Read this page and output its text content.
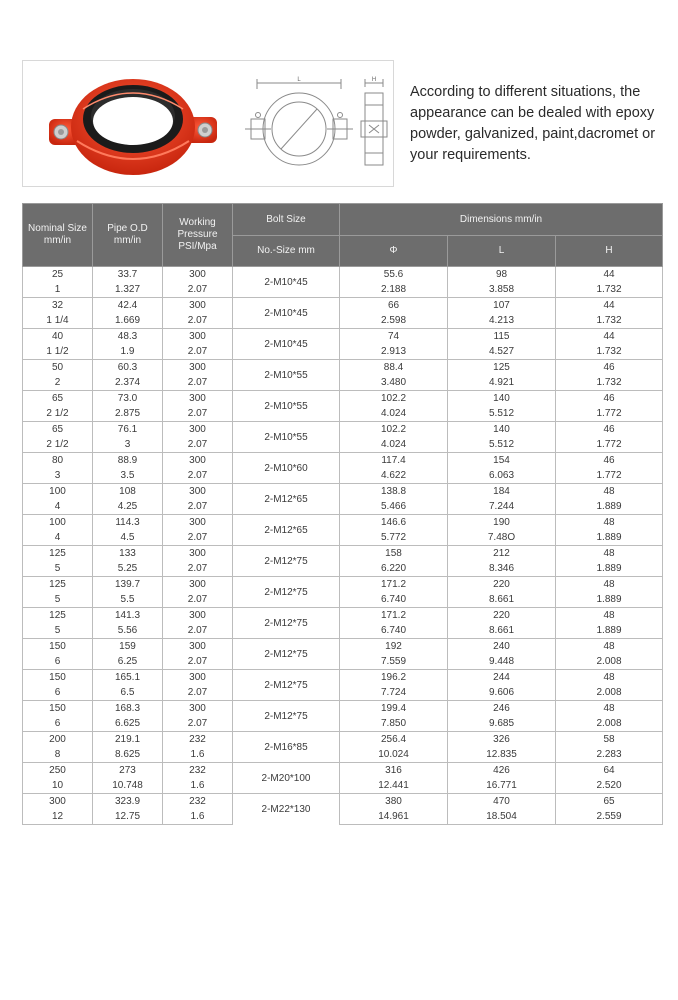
L	H

According to different situations, the appearance can be dealed with epoxy powder, galvanized, paint,dacromet or your requirements.

Nominal Size mm/in	Pipe O.D mm/in	Working Pressure PSI/Mpa	Bolt Size	Dimensions mm/in		
			No.-Size mm	Φ	L	H
25	33.7	300	2-M10*45	55.6	98	44
1	1.327	2.07		2.188	3.858	1.732
32	42.4	300	2-M10*45	66	107	44
1 1/4	1.669	2.07		2.598	4.213	1.732
40	48.3	300	2-M10*45	74	115	44
1 1/2	1.9	2.07		2.913	4.527	1.732
50	60.3	300	2-M10*55	88.4	125	46
2	2.374	2.07		3.480	4.921	1.732
65	73.0	300	2-M10*55	102.2	140	46
2 1/2	2.875	2.07		4.024	5.512	1.772
65	76.1	300	2-M10*55	102.2	140	46
2 1/2	3	2.07		4.024	5.512	1.772
80	88.9	300	2-M10*60	117.4	154	46
3	3.5	2.07		4.622	6.063	1.772
100	108	300	2-M12*65	138.8	184	48
4	4.25	2.07		5.466	7.244	1.889
100	114.3	300	2-M12*65	146.6	190	48
4	4.5	2.07		5.772	7.48O	1.889
125	133	300	2-M12*75	158	212	48
5	5.25	2.07		6.220	8.346	1.889
125	139.7	300	2-M12*75	171.2	220	48
5	5.5	2.07		6.740	8.661	1.889
125	141.3	300	2-M12*75	171.2	220	48
5	5.56	2.07		6.740	8.661	1.889
150	159	300	2-M12*75	192	240	48
6	6.25	2.07		7.559	9.448	2.008
150	165.1	300	2-M12*75	196.2	244	48
6	6.5	2.07		7.724	9.606	2.008
150	168.3	300	2-M12*75	199.4	246	48
6	6.625	2.07		7.850	9.685	2.008
200	219.1	232	2-M16*85	256.4	326	58
8	8.625	1.6		10.024	12.835	2.283
250	273	232	2-M20*100	316	426	64
10	10.748	1.6		12.441	16.771	2.520
300	323.9	232	2-M22*130	380	470	65
12	12.75	1.6		14.961	18.504	2.559
